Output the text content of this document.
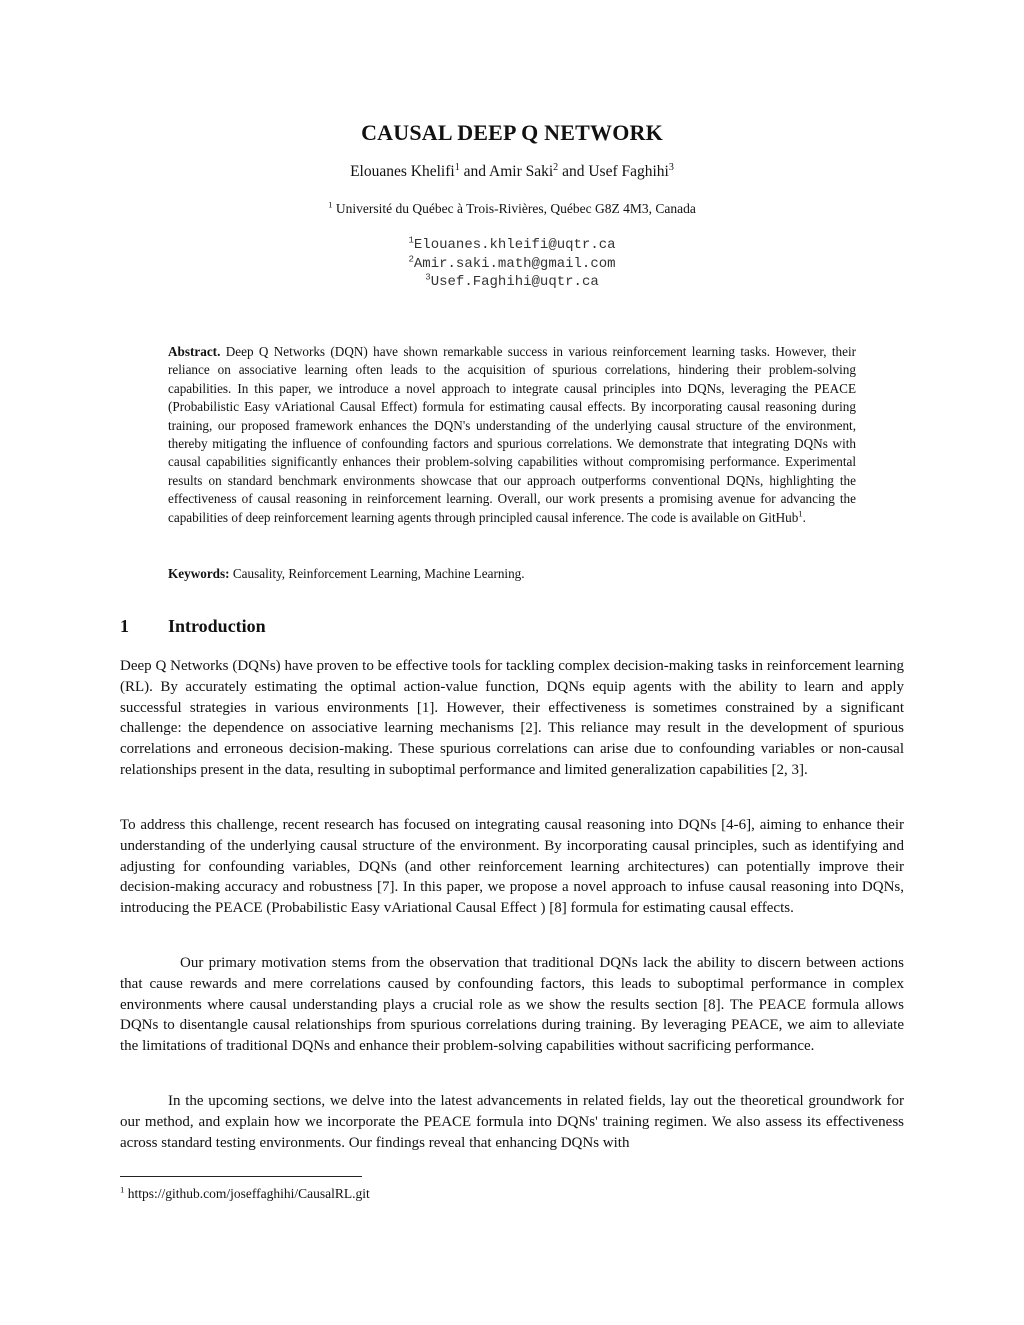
CAUSAL DEEP Q NETWORK
Elouanes Khelifi$^1$ and Amir Saki$^2$ and Usef Faghihi$^3$
$^1$ Université du Québec à Trois-Rivières, Québec G8Z 4M3, Canada
$^1$Elouanes.khleifi@uqtr.ca
$^2$Amir.saki.math@gmail.com
$^3$Usef.Faghihi@uqtr.ca
Abstract. Deep Q Networks (DQN) have shown remarkable success in various reinforcement learning tasks. However, their reliance on associative learning often leads to the acquisition of spurious correlations, hindering their problem-solving capabilities. In this paper, we introduce a novel approach to integrate causal principles into DQNs, leveraging the PEACE (Probabilistic Easy vAriational Causal Effect) formula for estimating causal effects. By incorporating causal reasoning during training, our proposed framework enhances the DQN's understanding of the underlying causal structure of the environment, thereby mitigating the influence of confounding factors and spurious correlations. We demonstrate that integrating DQNs with causal capabilities significantly enhances their problem-solving capabilities without compromising performance. Experimental results on standard benchmark environments showcase that our approach outperforms conventional DQNs, highlighting the effectiveness of causal reasoning in reinforcement learning. Overall, our work presents a promising avenue for advancing the capabilities of deep reinforcement learning agents through principled causal inference. The code is available on GitHub$^1$.
Keywords: Causality, Reinforcement Learning, Machine Learning.
1 Introduction
Deep Q Networks (DQNs) have proven to be effective tools for tackling complex decision-making tasks in reinforcement learning (RL). By accurately estimating the optimal action-value function, DQNs equip agents with the ability to learn and apply successful strategies in various environments [1]. However, their effectiveness is sometimes constrained by a significant challenge: the dependence on associative learning mechanisms [2]. This reliance may result in the development of spurious correlations and erroneous decision-making. These spurious correlations can arise due to confounding variables or non-causal relationships present in the data, resulting in suboptimal performance and limited generalization capabilities [2, 3].
To address this challenge, recent research has focused on integrating causal reasoning into DQNs [4-6], aiming to enhance their understanding of the underlying causal structure of the environment. By incorporating causal principles, such as identifying and adjusting for confounding variables, DQNs (and other reinforcement learning architectures) can potentially improve their decision-making accuracy and robustness [7]. In this paper, we propose a novel approach to infuse causal reasoning into DQNs, introducing the PEACE (Probabilistic Easy vAriational Causal Effect ) [8] formula for estimating causal effects.
Our primary motivation stems from the observation that traditional DQNs lack the ability to discern between actions that cause rewards and mere correlations caused by confounding factors, this leads to suboptimal performance in complex environments where causal understanding plays a crucial role as we show the results section [8]. The PEACE formula allows DQNs to disentangle causal relationships from spurious correlations during training. By leveraging PEACE, we aim to alleviate the limitations of traditional DQNs and enhance their problem-solving capabilities without sacrificing performance.
In the upcoming sections, we delve into the latest advancements in related fields, lay out the theoretical groundwork for our method, and explain how we incorporate the PEACE formula into DQNs' training regimen. We also assess its effectiveness across standard testing environments. Our findings reveal that enhancing DQNs with
$^1$ https://github.com/joseffaghihi/CausalRL.git
